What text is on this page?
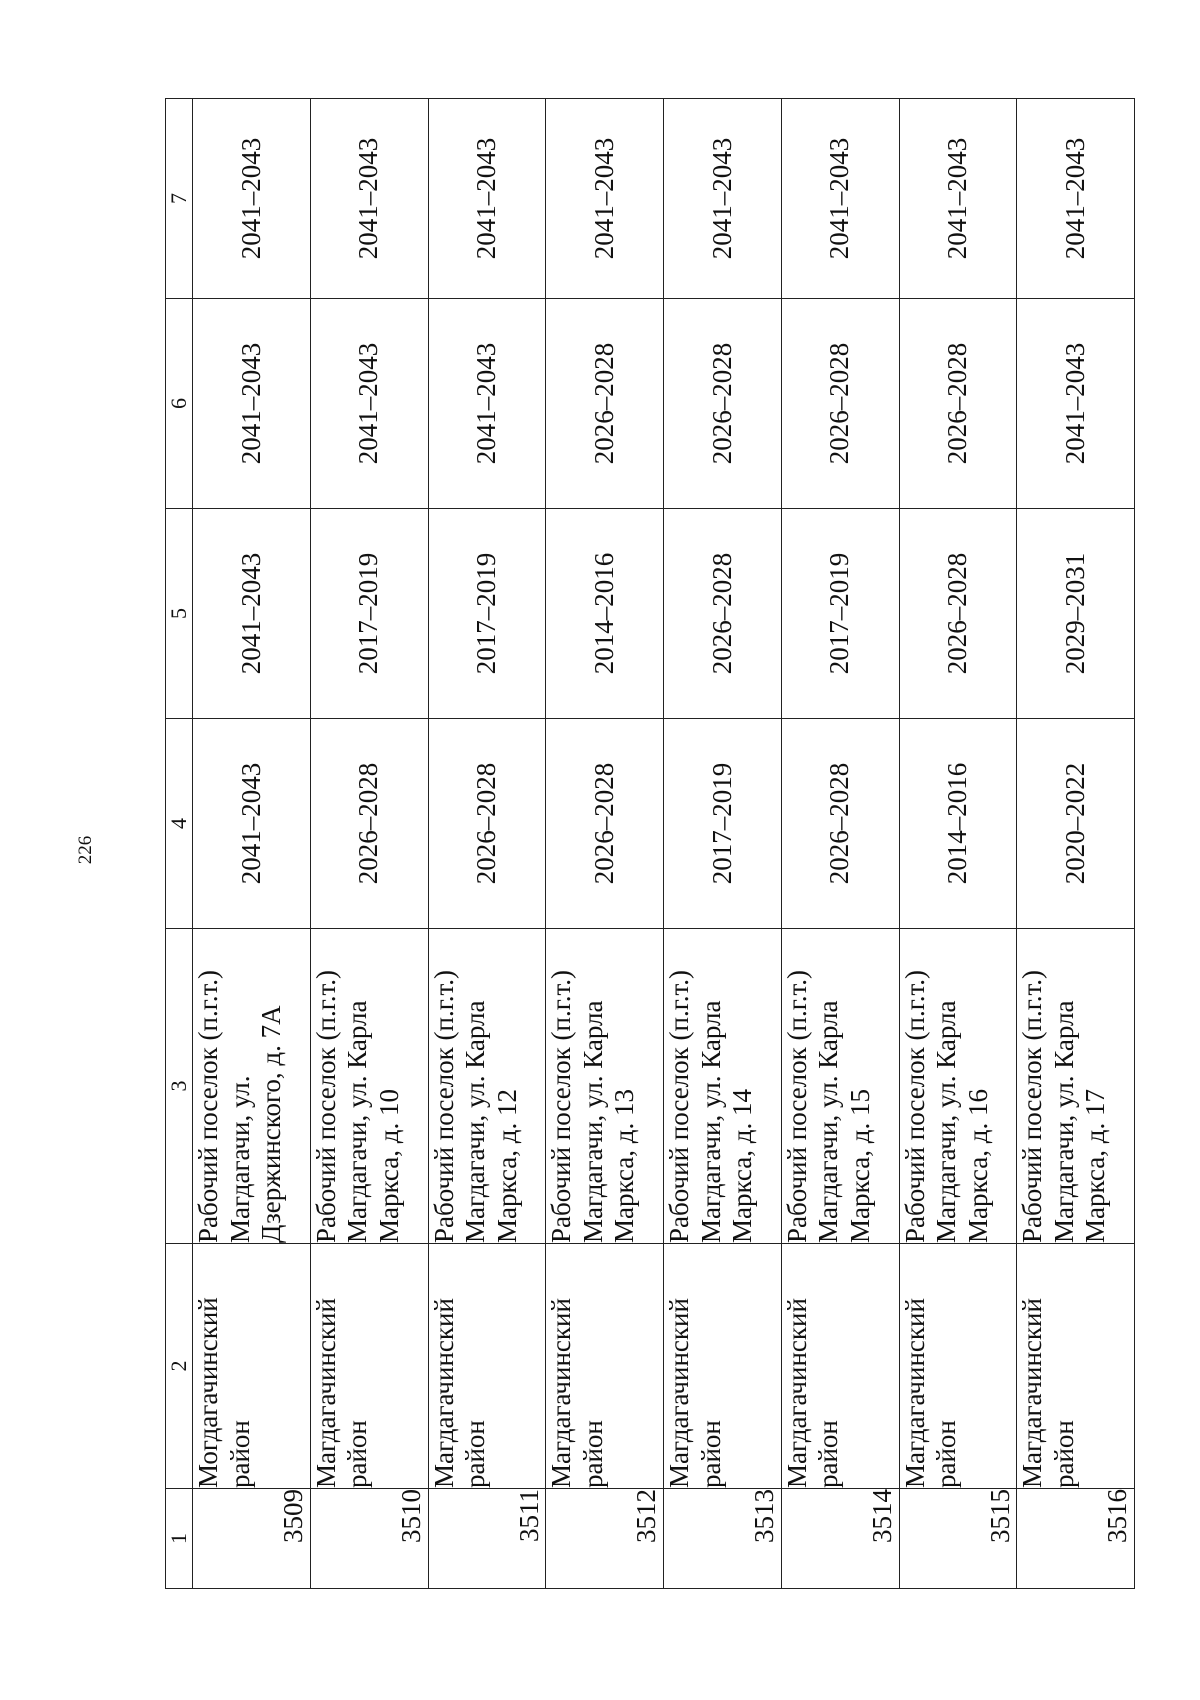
226
1	2	3	4	5	6	7
3509	Могдагачинский район	Рабочий поселок (п.г.т.) Магдагачи, ул. Дзержинского, д. 7А	2041–2043	2041–2043	2041–2043	2041–2043
3510	Магдагачинский район	Рабочий поселок (п.г.т.) Магдагачи, ул. Карла Маркса, д. 10	2026–2028	2017–2019	2041–2043	2041–2043
3511	Магдагачинский район	Рабочий поселок (п.г.т.) Магдагачи, ул. Карла Маркса, д. 12	2026–2028	2017–2019	2041–2043	2041–2043
3512	Магдагачинский район	Рабочий поселок (п.г.т.) Магдагачи, ул. Карла Маркса, д. 13	2026–2028	2014–2016	2026–2028	2041–2043
3513	Магдагачинский район	Рабочий поселок (п.г.т.) Магдагачи, ул. Карла Маркса, д. 14	2017–2019	2026–2028	2026–2028	2041–2043
3514	Магдагачинский район	Рабочий поселок (п.г.т.) Магдагачи, ул. Карла Маркса, д. 15	2026–2028	2017–2019	2026–2028	2041–2043
3515	Магдагачинский район	Рабочий поселок (п.г.т.) Магдагачи, ул. Карла Маркса, д. 16	2014–2016	2026–2028	2026–2028	2041–2043
3516	Магдагачинский район	Рабочий поселок (п.г.т.) Магдагачи, ул. Карла Маркса, д. 17	2020–2022	2029–2031	2041–2043	2041–2043
